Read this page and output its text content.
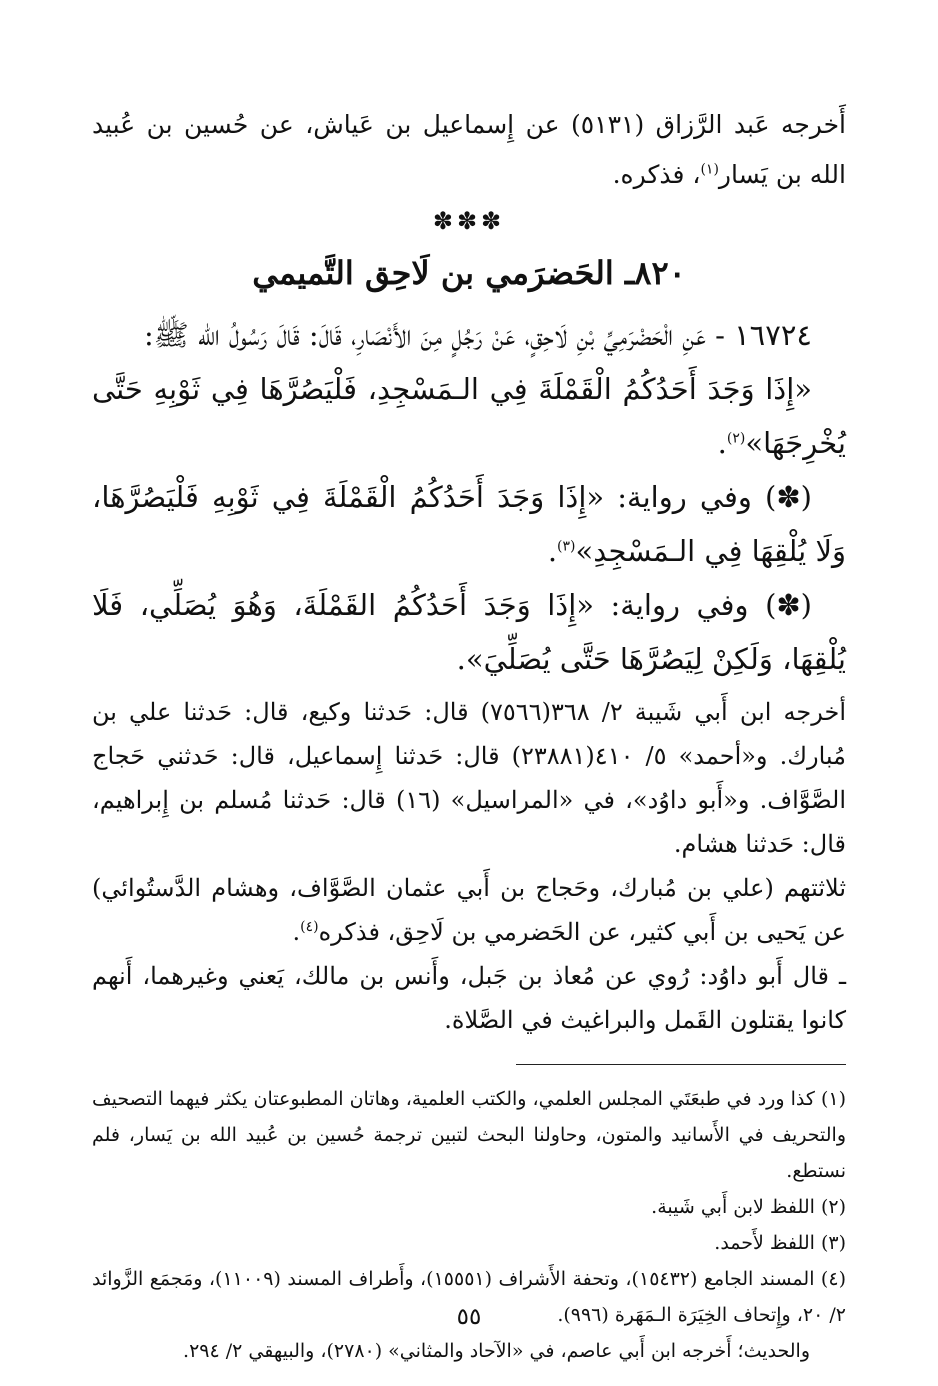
أَخرجه عَبد الرَّزاق (٥١٣١) عن إِسماعيل بن عَياش، عن حُسين بن عُبيد الله بن يَسار$^{(١)}$، فذكره.

✽✽✽
٨٢٠ـ الحَضرَمي بن لَاحِق التَّميمي

١٦٧٢٤ - عَنِ الْحَضْرَمِيِّ بْنِ لَاحِقٍ، عَنْ رَجُلٍ مِنَ الأَنْصَارِ، قَالَ: قَالَ رَسُولُ الله ﷺ:

«إِذَا وَجَدَ أَحَدُكُمُ الْقَمْلَةَ فِي الـمَسْجِدِ، فَلْيَصُرَّهَا فِي ثَوْبِهِ حَتَّى يُخْرِجَهَا»$^{(٢)}$.

(✽) وفي رواية: «إِذَا وَجَدَ أَحَدُكُمُ الْقَمْلَةَ فِي ثَوْبِهِ فَلْيَصُرَّهَا، وَلَا يُلْقِهَا فِي الـمَسْجِدِ»$^{(٣)}$.

(✽) وفي رواية: «إِذَا وَجَدَ أَحَدُكُمُ القَمْلَةَ، وَهُوَ يُصَلِّي، فَلَا يُلْقِهَا، وَلَكِنْ لِيَصُرَّهَا حَتَّى يُصَلِّيَ».

أخرجه ابن أَبي شَيبة ٢/ ٣٦٨(٧٥٦٦) قال: حَدثنا وكيع، قال: حَدثنا علي بن مُبارك. و«أحمد» ٥/ ٤١٠(٢٣٨٨١) قال: حَدثنا إِسماعيل، قال: حَدثني حَجاج الصَّوَّاف. و«أَبو داوُد»، في «المراسيل» (١٦) قال: حَدثنا مُسلم بن إِبراهيم، قال: حَدثنا هشام.

ثلاثتهم (علي بن مُبارك، وحَجاج بن أَبي عثمان الصَّوَّاف، وهشام الدَّستُوائي) عن يَحيى بن أَبي كثير، عن الحَضرمي بن لَاحِق، فذكره$^{(٤)}$.

ـ قال أَبو داوُد: رُوي عن مُعاذ بن جَبل، وأَنس بن مالك، يَعني وغيرهما، أَنهم كانوا يقتلون القَمل والبراغيث في الصَّلاة.

(١) كذا ورد في طبعَتَي المجلس العلمي، والكتب العلمية، وهاتان المطبوعتان يكثر فيهما التصحيف والتحريف في الأَسانيد والمتون، وحاولنا البحث لتبين ترجمة حُسين بن عُبيد الله بن يَسار، فلم نستطع.

(٢) اللفظ لابن أَبي شَيبة.

(٣) اللفظ لأَحمد.

(٤) المسند الجامع (١٥٤٣٢)، وتحفة الأَشراف (١٥٥٥١)، وأَطراف المسند (١١٠٠٩)، ومَجمَع الزَّوائد ٢/ ٢٠، وإِتحاف الخِيَرَة الـمَهَرة (٩٩٦).

والحديث؛ أَخرجه ابن أَبي عاصم، في «الآحاد والمثاني» (٢٧٨٠)، والبيهقي ٢/ ٢٩٤.

٥٥
